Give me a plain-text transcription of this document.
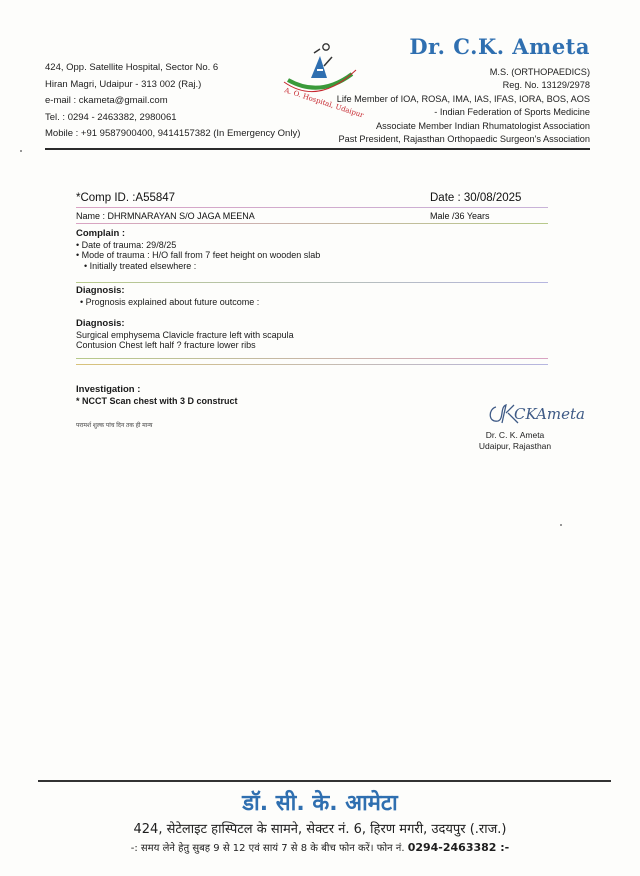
424, Opp. Satellite Hospital, Sector No. 6
Hiran Magri, Udaipur - 313 002 (Raj.)
e-mail : ckameta@gmail.com
Tel. : 0294 - 2463382, 2980061
Mobile : +91 9587900400, 9414157382 (In Emergency Only)
A. O. Hospital, Udaipur
Dr. C.K. Ameta
M.S. (ORTHOPAEDICS)
Reg. No. 13129/2978
Life Member of IOA, ROSA, IMA, IAS, IFAS, IORA, BOS, AOS
- Indian Federation of Sports Medicine
Associate Member Indian Rhumatologist Association
Past President, Rajasthan Orthopaedic Surgeon's Association
*Comp ID. :A55847	Date : 30/08/2025
Name : DHRMNARAYAN S/O JAGA MEENA	Male /36 Years
Complain :
• Date of trauma: 29/8/25
• Mode of trauma : H/O fall from 7 feet height on wooden slab
• Initially treated elsewhere :
Diagnosis:
• Prognosis explained about future outcome :
Diagnosis:
Surgical emphysema Clavicle fracture left with scapula
Contusion Chest left half ? fracture lower ribs
Investigation :
* NCCT Scan chest with 3 D construct
परामर्श शुल्क पांच दिन तक ही मान्य
CKAmeta
Dr. C. K. Ameta
Udaipur, Rajasthan
डॉ. सी. के. आमेटा
424, सेटेलाइट हास्पिटल के सामने, सेक्टर नं. 6, हिरण मगरी, उदयपुर (.राज.)
-: समय लेने हेतु सुबह 9 से 12 एवं सायं 7 से 8 के बीच फोन करें। फोन नं. 0294-2463382 :-
